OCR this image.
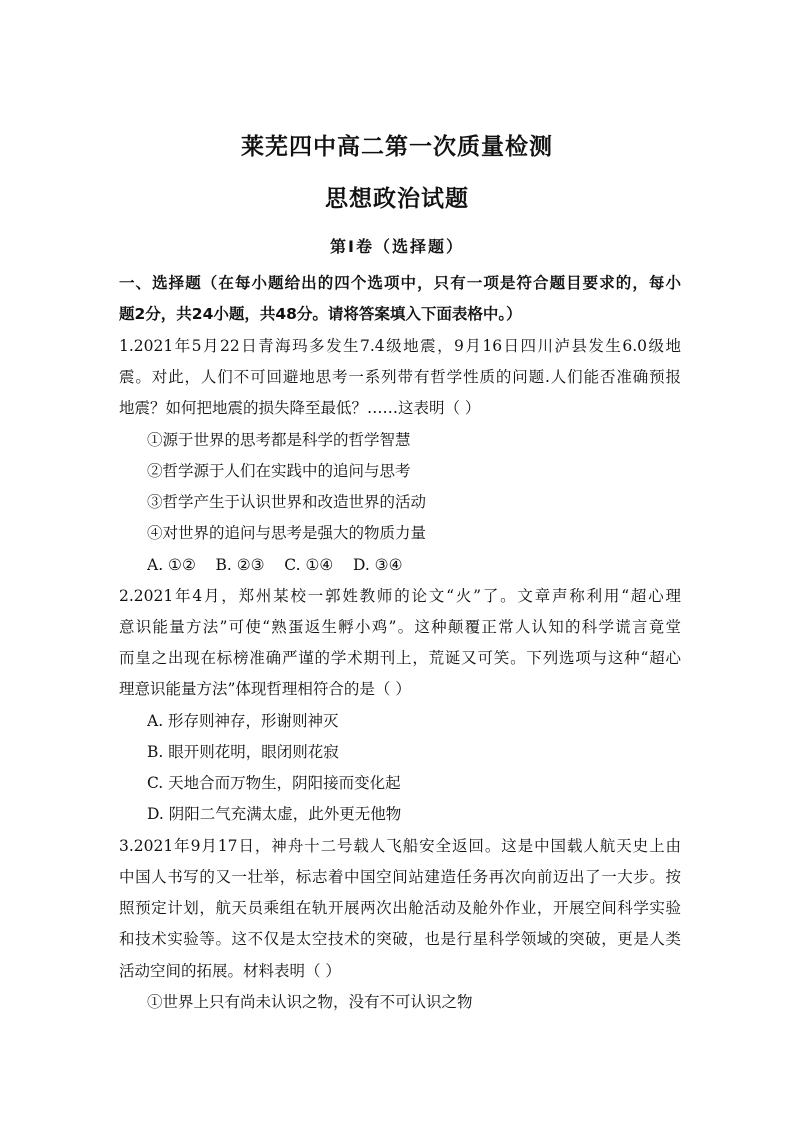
莱芜四中高二第一次质量检测
思想政治试题
第Ⅰ卷（选择题）
一、选择题（在每小题给出的四个选项中，只有一项是符合题目要求的，每小
题2分，共24小题，共48分。请将答案填入下面表格中。）
1.2021年5月22日青海玛多发生7.4级地震，9月16日四川泸县发生6.0级地
震。对此，人们不可回避地思考一系列带有哲学性质的问题.人们能否准确预报
地震？如何把地震的损失降至最低？……这表明（ ）
①源于世界的思考都是科学的哲学智慧
②哲学源于人们在实践中的追问与思考
③哲学产生于认识世界和改造世界的活动
④对世界的追问与思考是强大的物质力量
A. ①②    B. ②③    C. ①④    D. ③④
2.2021年4月，郑州某校一郭姓教师的论文“火”了。文章声称利用“超心理
意识能量方法”可使“熟蛋返生孵小鸡”。这种颠覆正常人认知的科学谎言竟堂
而皇之出现在标榜准确严谨的学术期刊上，荒诞又可笑。下列选项与这种“超心
理意识能量方法”体现哲理相符合的是（ ）
A. 形存则神存，形谢则神灭
B. 眼开则花明，眼闭则花寂
C. 天地合而万物生，阴阳接而变化起
D. 阴阳二气充满太虚，此外更无他物
3.2021年9月17日，神舟十二号载人飞船安全返回。这是中国载人航天史上由
中国人书写的又一壮举，标志着中国空间站建造任务再次向前迈出了一大步。按
照预定计划，航天员乘组在轨开展两次出舱活动及舱外作业，开展空间科学实验
和技术实验等。这不仅是太空技术的突破，也是行星科学领域的突破，更是人类
活动空间的拓展。材料表明（ ）
①世界上只有尚未认识之物，没有不可认识之物
